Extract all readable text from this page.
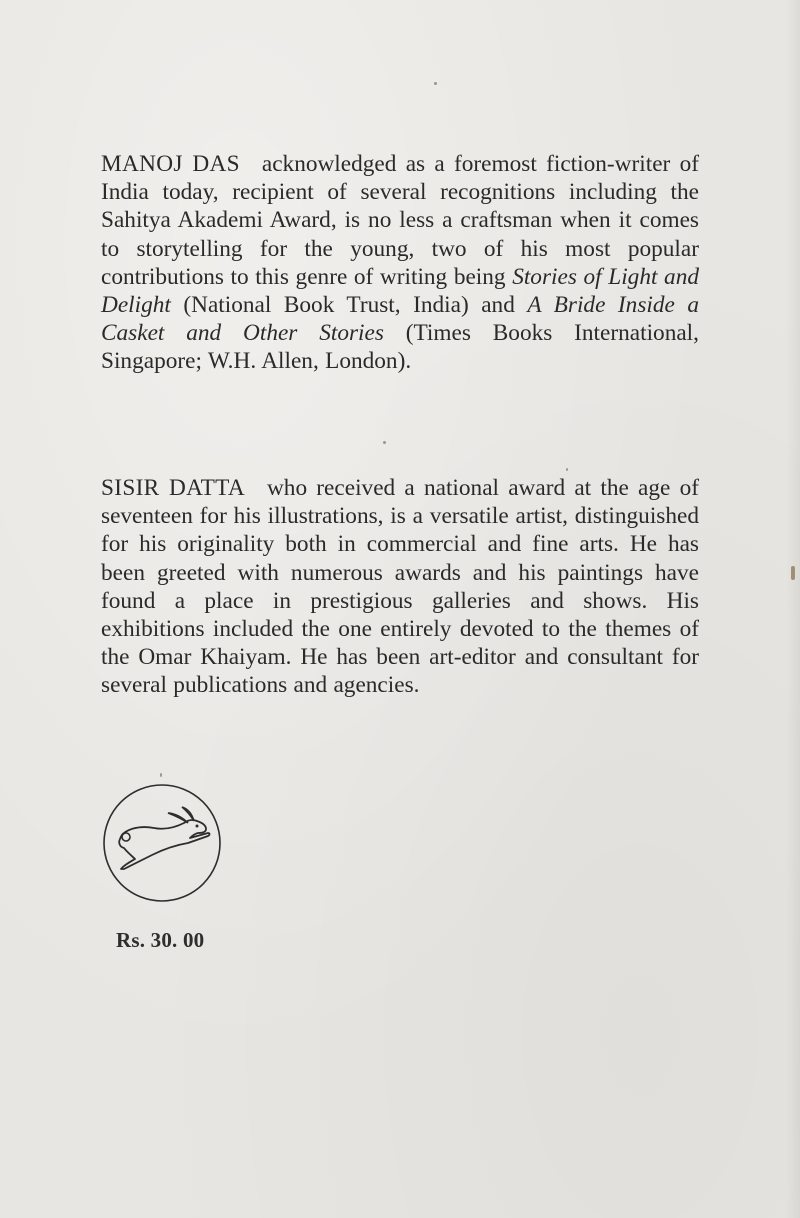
MANOJ DAS acknowledged as a foremost fiction-writer of India today, recipient of several recognitions including the Sahitya Akademi Award, is no less a craftsman when it comes to storytelling for the young, two of his most popular contributions to this genre of writing being Stories of Light and Delight (National Book Trust, India) and A Bride Inside a Casket and Other Stories (Times Books International, Singapore; W.H. Allen, London).

SISIR DATTA who received a national award at the age of seventeen for his illustrations, is a versatile artist, distinguished for his originality both in commercial and fine arts. He has been greeted with numerous awards and his paintings have found a place in prestigious galleries and shows. His exhibitions included the one entirely devoted to the themes of the Omar Khaiyam. He has been art-editor and consultant for several publications and agencies.

Rs. 30. 00
